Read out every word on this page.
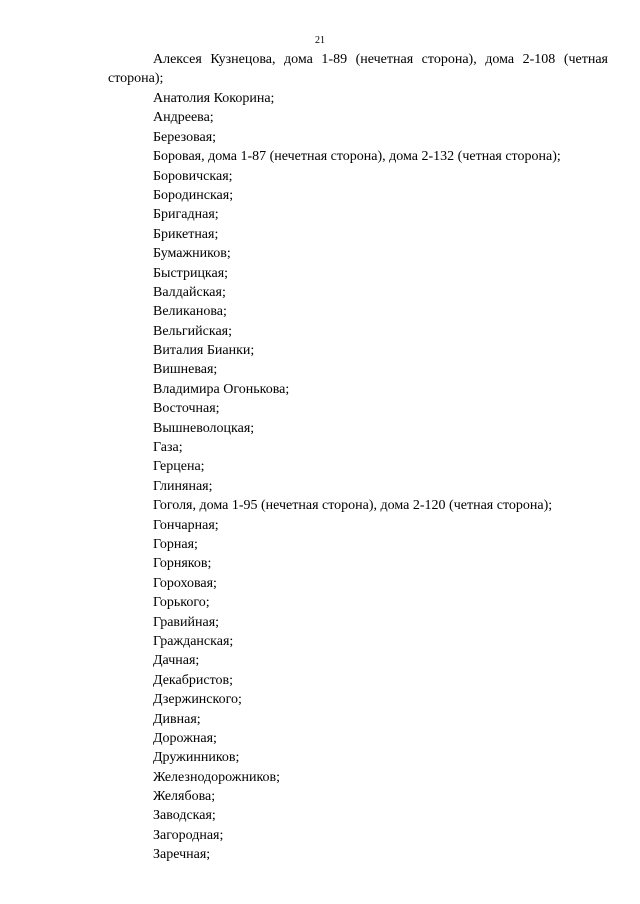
21
Алексея Кузнецова, дома 1-89 (нечетная сторона), дома 2-108 (четная
сторона);
Анатолия Кокорина;
Андреева;
Березовая;
Боровая, дома 1-87 (нечетная сторона), дома 2-132 (четная сторона);
Боровичская;
Бородинская;
Бригадная;
Брикетная;
Бумажников;
Быстрицкая;
Валдайская;
Великанова;
Вельгийская;
Виталия Бианки;
Вишневая;
Владимира Огонькова;
Восточная;
Вышневолоцкая;
Газа;
Герцена;
Глиняная;
Гоголя, дома 1-95 (нечетная сторона), дома 2-120 (четная сторона);
Гончарная;
Горная;
Горняков;
Гороховая;
Горького;
Гравийная;
Гражданская;
Дачная;
Декабристов;
Дзержинского;
Дивная;
Дорожная;
Дружинников;
Железнодорожников;
Желябова;
Заводская;
Загородная;
Заречная;
